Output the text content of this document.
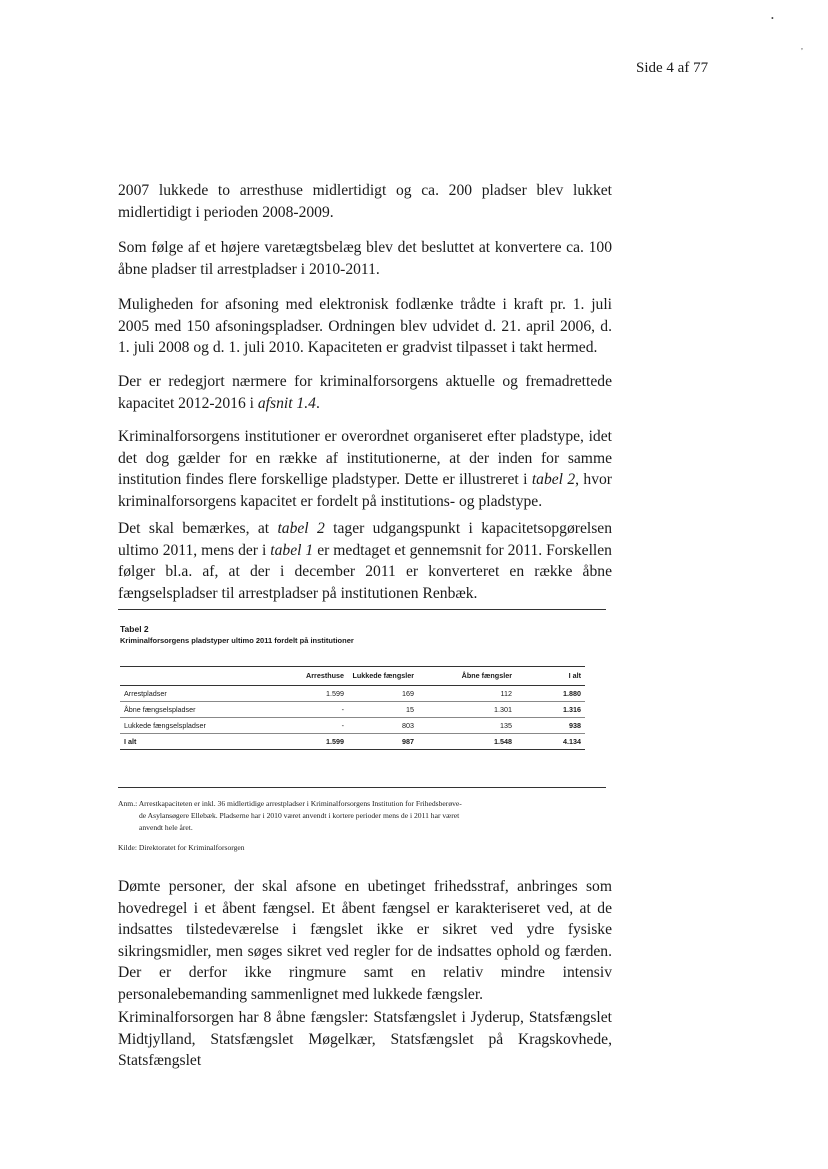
Side 4 af 77
•
,

2007 lukkede to arresthuse midlertidigt og ca. 200 pladser blev lukket midlertidigt i perioden 2008-2009.

Som følge af et højere varetægtsbelæg blev det besluttet at konvertere ca. 100 åbne pladser til arrestpladser i 2010-2011.

Muligheden for afsoning med elektronisk fodlænke trådte i kraft pr. 1. juli 2005 med 150 afsoningspladser. Ordningen blev udvidet d. 21. april 2006, d. 1. juli 2008 og d. 1. juli 2010. Kapaciteten er gradvist tilpasset i takt hermed.

Der er redegjort nærmere for kriminalforsorgens aktuelle og fremadrettede kapacitet 2012-2016 i afsnit 1.4.

Kriminalforsorgens institutioner er overordnet organiseret efter pladstype, idet det dog gælder for en række af institutionerne, at der inden for samme institution findes flere forskellige pladstyper. Dette er illustreret i tabel 2, hvor kriminalforsorgens kapacitet er fordelt på institutions- og pladstype.

Det skal bemærkes, at tabel 2 tager udgangspunkt i kapacitetsopgørelsen ultimo 2011, mens der i tabel 1 er medtaget et gennemsnit for 2011. Forskellen følger bl.a. af, at der i december 2011 er konverteret en række åbne fængselspladser til arrestpladser på institutionen Renbæk.

Tabel 2
Kriminalforsorgens pladstyper ultimo 2011 fordelt på institutioner
	Arresthuse	Lukkede fængsler	Åbne fængsler	I alt
Arrestpladser	1.599	169	112	1.880
Åbne fængselspladser	-	15	1.301	1.316
Lukkede fængselspladser	-	803	135	938
I alt	1.599	987	1.548	4.134
Anm.: Arrestkapaciteten er inkl. 36 midlertidige arrestpladser i Kriminalforsorgens Institution for Frihedsberøve-
de Asylansøgere Ellebæk. Pladserne har i 2010 været anvendt i kortere perioder mens de i 2011 har været
anvendt hele året.
Kilde: Direktoratet for Kriminalforsorgen

Dømte personer, der skal afsone en ubetinget frihedsstraf, anbringes som hovedregel i et åbent fængsel. Et åbent fængsel er karakteriseret ved, at de indsattes tilstedeværelse i fængslet ikke er sikret ved ydre fysiske sikringsmidler, men søges sikret ved regler for de indsattes ophold og færden. Der er derfor ikke ringmure samt en relativ mindre intensiv personalebemanding sammenlignet med lukkede fængsler.

Kriminalforsorgen har 8 åbne fængsler: Statsfængslet i Jyderup, Statsfængslet Midtjylland, Statsfængslet Møgelkær, Statsfængslet på Kragskovhede, Statsfængslet
